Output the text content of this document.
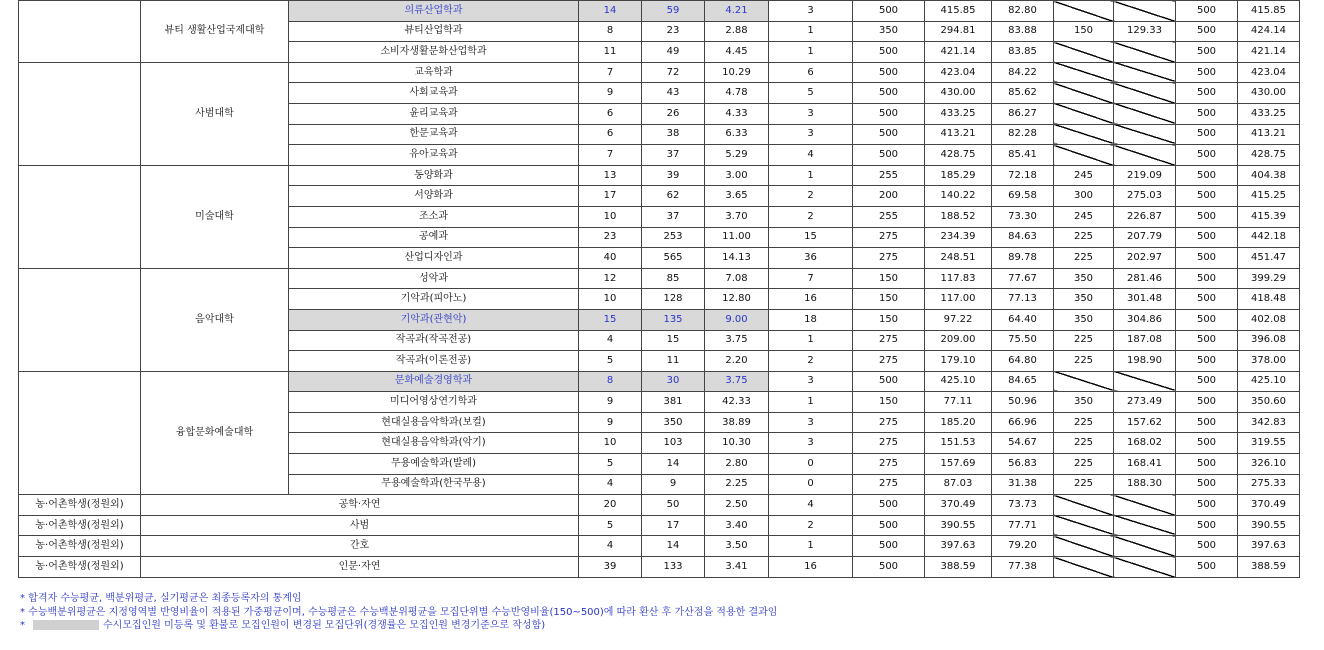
	뷰티 생활산업국제대학	의류산업학과	14	59	4.21	3	500	415.85	82.80			500	415.85
		뷰티산업학과	8	23	2.88	1	350	294.81	83.88	150	129.33	500	424.14
		소비자생활문화산업학과	11	49	4.45	1	500	421.14	83.85			500	421.14
	사범대학	교육학과	7	72	10.29	6	500	423.04	84.22			500	423.04
		사회교육과	9	43	4.78	5	500	430.00	85.62			500	430.00
		윤리교육과	6	26	4.33	3	500	433.25	86.27			500	433.25
		한문교육과	6	38	6.33	3	500	413.21	82.28			500	413.21
		유아교육과	7	37	5.29	4	500	428.75	85.41			500	428.75
	미술대학	동양화과	13	39	3.00	1	255	185.29	72.18	245	219.09	500	404.38
		서양화과	17	62	3.65	2	200	140.22	69.58	300	275.03	500	415.25
		조소과	10	37	3.70	2	255	188.52	73.30	245	226.87	500	415.39
		공예과	23	253	11.00	15	275	234.39	84.63	225	207.79	500	442.18
		산업디자인과	40	565	14.13	36	275	248.51	89.78	225	202.97	500	451.47
	음악대학	성악과	12	85	7.08	7	150	117.83	77.67	350	281.46	500	399.29
		기악과(피아노)	10	128	12.80	16	150	117.00	77.13	350	301.48	500	418.48
		기악과(관현악)	15	135	9.00	18	150	97.22	64.40	350	304.86	500	402.08
		작곡과(작곡전공)	4	15	3.75	1	275	209.00	75.50	225	187.08	500	396.08
		작곡과(이론전공)	5	11	2.20	2	275	179.10	64.80	225	198.90	500	378.00
	융합문화예술대학	문화예술경영학과	8	30	3.75	3	500	425.10	84.65			500	425.10
		미디어영상연기학과	9	381	42.33	1	150	77.11	50.96	350	273.49	500	350.60
		현대실용음악학과(보컬)	9	350	38.89	3	275	185.20	66.96	225	157.62	500	342.83
		현대실용음악학과(악기)	10	103	10.30	3	275	151.53	54.67	225	168.02	500	319.55
		무용예술학과(발레)	5	14	2.80	0	275	157.69	56.83	225	168.41	500	326.10
		무용예술학과(한국무용)	4	9	2.25	0	275	87.03	31.38	225	188.30	500	275.33
농·어촌학생(정원외)	공학·자연		20	50	2.50	4	500	370.49	73.73			500	370.49
농·어촌학생(정원외)	사범		5	17	3.40	2	500	390.55	77.71			500	390.55
농·어촌학생(정원외)	간호		4	14	3.50	1	500	397.63	79.20			500	397.63
농·어촌학생(정원외)	인문·자연		39	133	3.41	16	500	388.59	77.38			500	388.59
* 합격자 수능평균, 백분위평균, 실기평균은 최종등록자의 통계임
* 수능백분위평균은 지정영역별 반영비율이 적용된 가중평균이며, 수능평균은 수능백분위평균을 모집단위별 수능반영비율(150~500)에 따라 환산 후 가산점을 적용한 결과임
*	수시모집인원 미등록 및 환불로 모집인원이 변경된 모집단위(경쟁률은 모집인원 변경기준으로 작성함)
